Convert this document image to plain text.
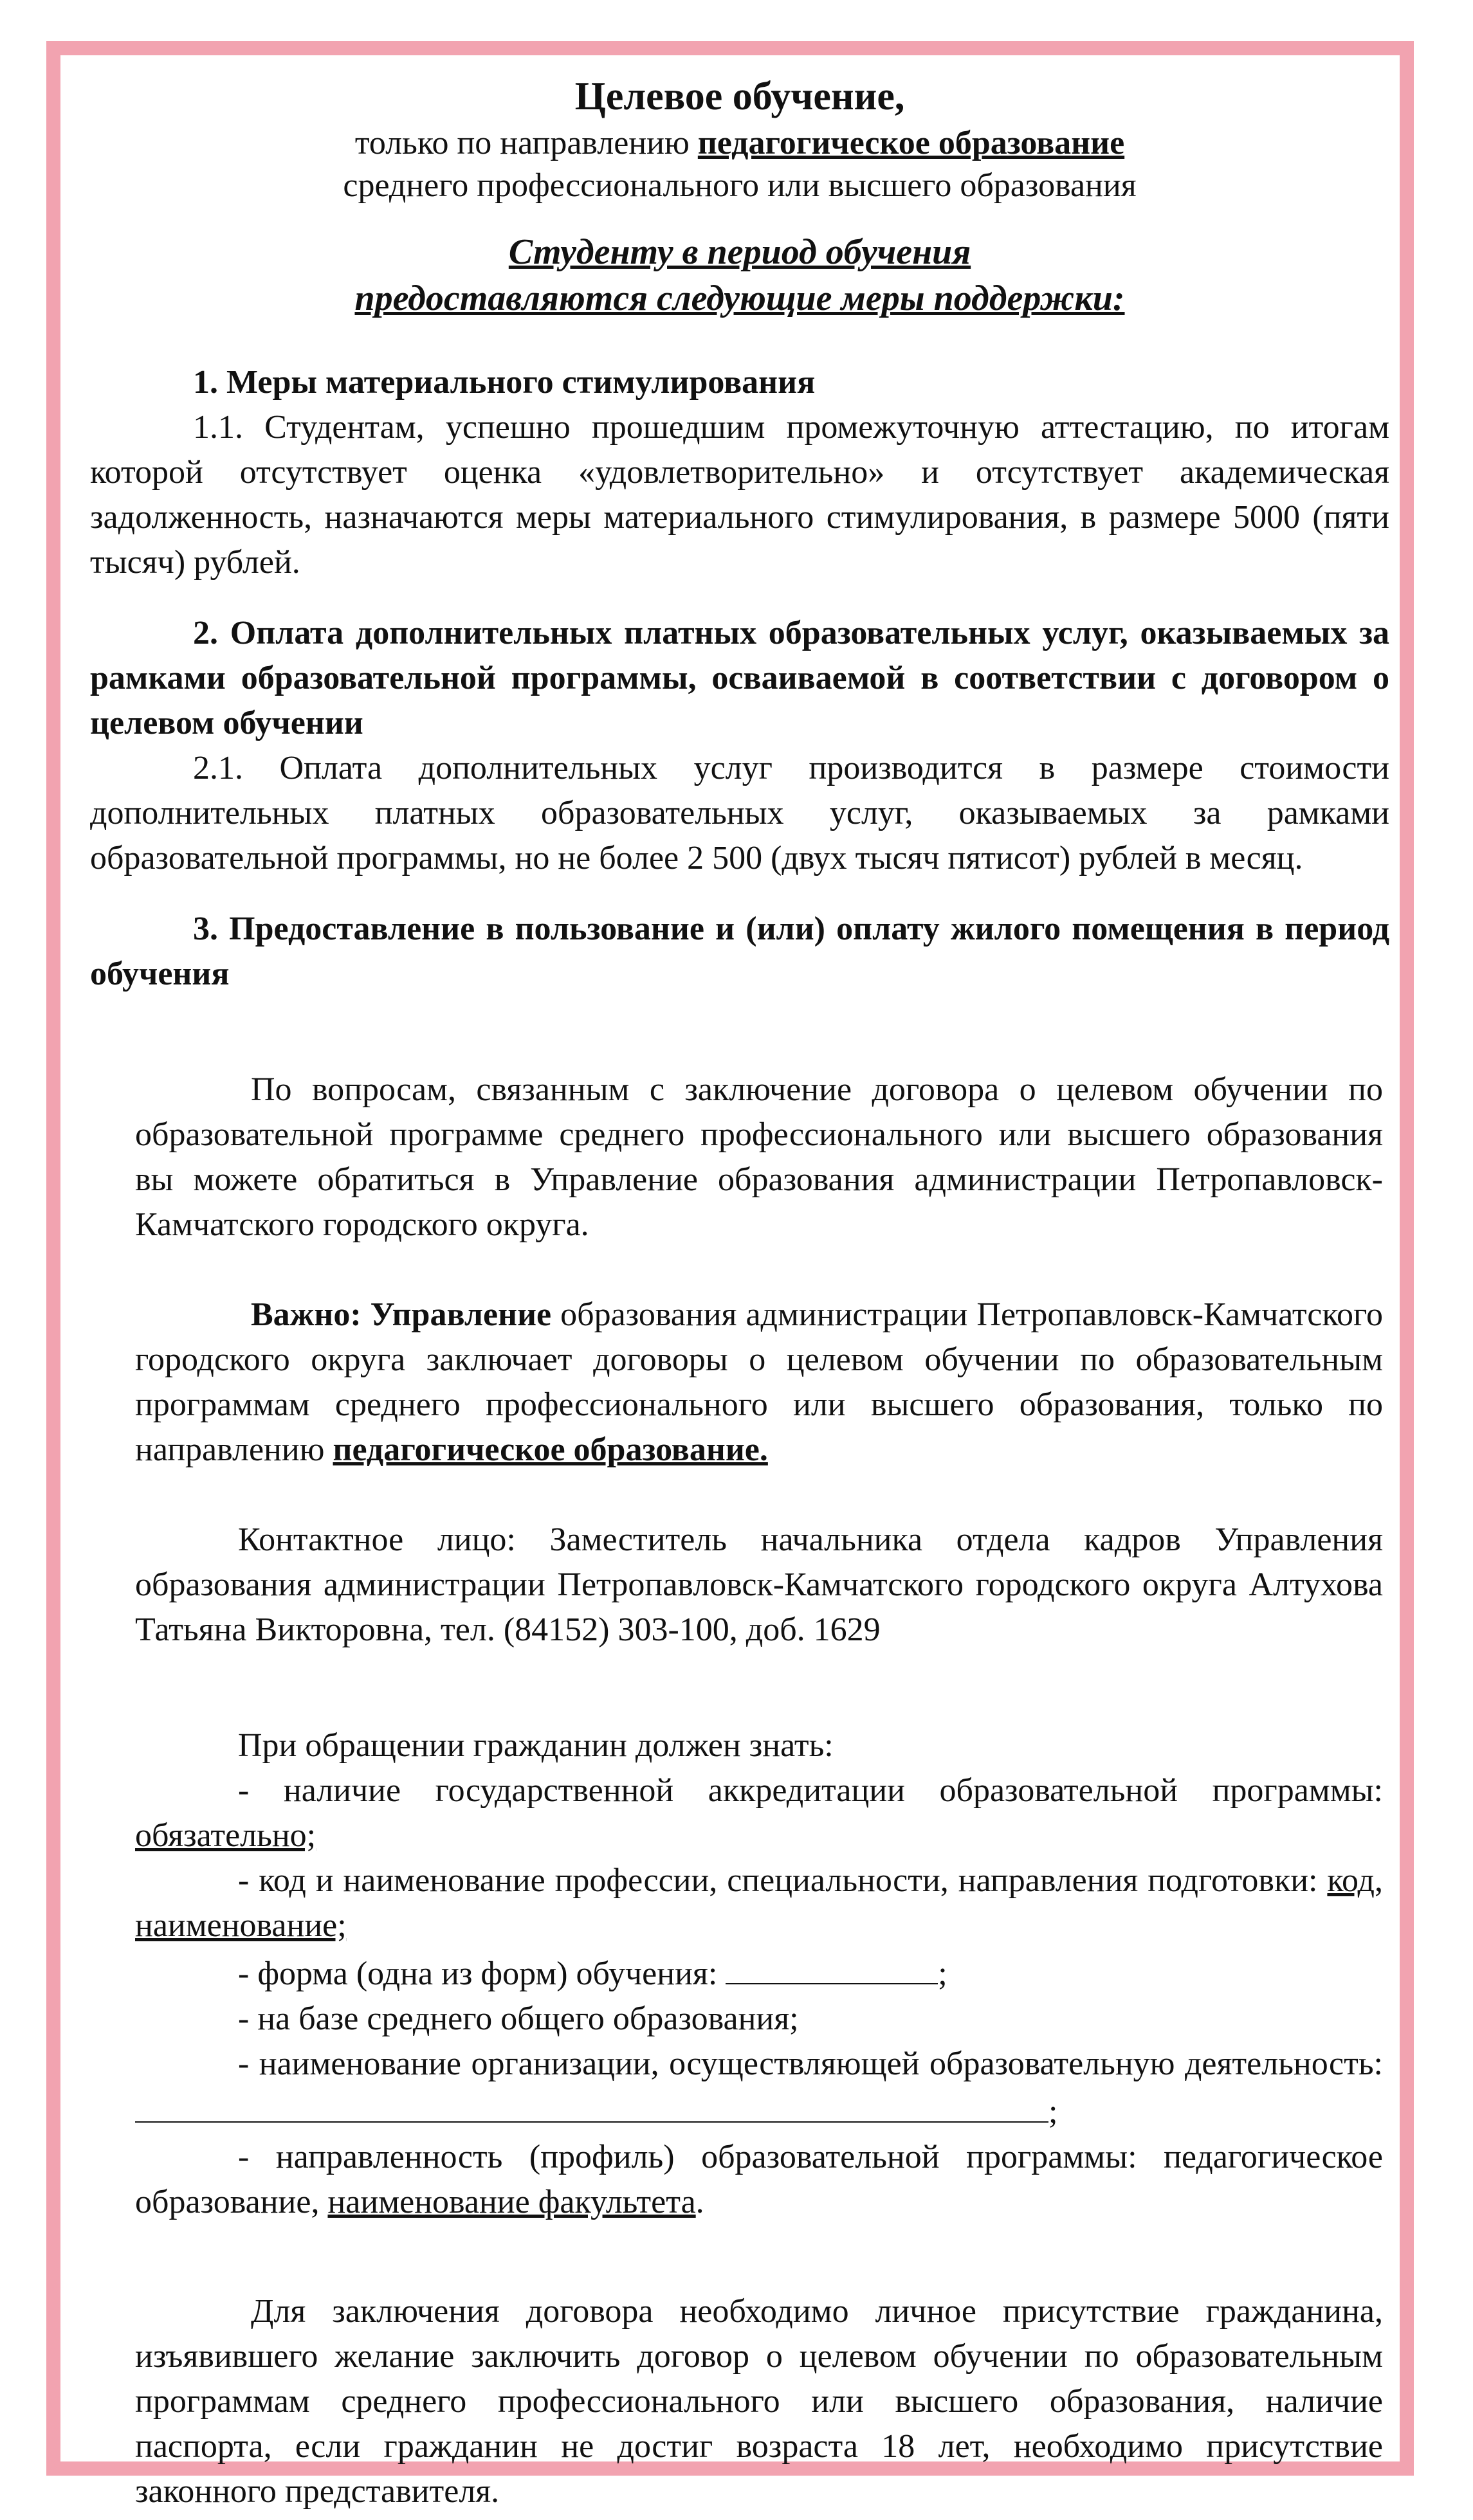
Целевое обучение,
только по направлению педагогическое образование
среднего профессионального или высшего образования
Студенту в период обучения
предоставляются следующие меры поддержки:

1. Меры материального стимулирования

1.1. Студентам, успешно прошедшим промежуточную аттестацию, по итогам которой отсутствует оценка «удовлетворительно» и отсутствует академическая задолженность, назначаются меры материального стимулирования, в размере 5000 (пяти тысяч) рублей.

2. Оплата дополнительных платных образовательных услуг, оказываемых за рамками образовательной программы, осваиваемой в соответствии с договором о целевом обучении

2.1. Оплата дополнительных услуг производится в размере стоимости дополнительных платных образовательных услуг, оказываемых за рамками образовательной программы, но не более 2 500 (двух тысяч пятисот) рублей в месяц.

3. Предоставление в пользование и (или) оплату жилого помещения в период обучения

По вопросам, связанным с заключение договора о целевом обучении по образовательной программе среднего профессионального или высшего образования вы можете обратиться в Управление образования администрации Петропавловск-Камчатского городского округа.

Важно: Управление образования администрации Петропавловск-Камчатского городского округа заключает договоры о целевом обучении по образовательным программам среднего профессионального или высшего образования, только по направлению педагогическое образование.

Контактное лицо: Заместитель начальника отдела кадров Управления образования администрации Петропавловск-Камчатского городского округа Алтухова Татьяна Викторовна, тел. (84152) 303-100, доб. 1629

При обращении гражданин должен знать:

- наличие государственной аккредитации образовательной программы: обязательно;

- код и наименование профессии, специальности, направления подготовки: код, наименование;

- форма (одна из форм) обучения:	;

- на базе среднего общего образования;

- наименование организации, осуществляющей образовательную деятельность: ;

- направленность (профиль) образовательной программы: педагогическое образование, наименование факультета.

Для заключения договора необходимо личное присутствие гражданина, изъявившего желание заключить договор о целевом обучении по образовательным программам среднего профессионального или высшего образования, наличие паспорта, если гражданин не достиг возраста 18 лет, необходимо присутствие законного представителя.
